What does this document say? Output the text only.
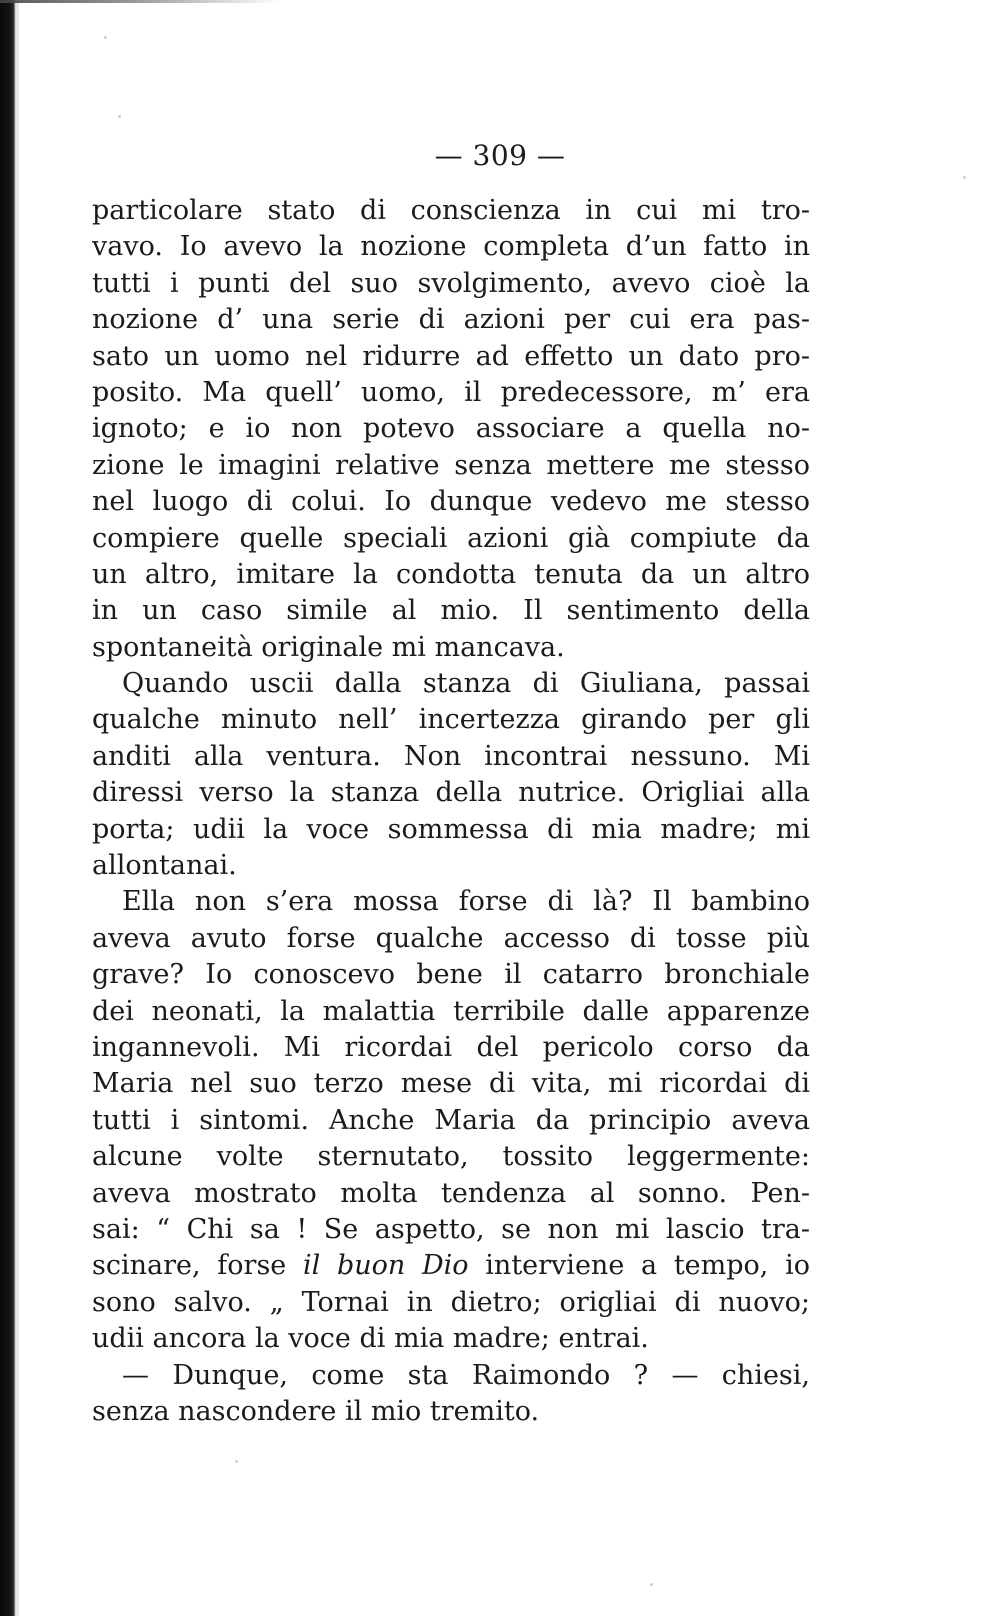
— 309 —
particolare stato di conscienza in cui mi tro-
vavo. Io avevo la nozione completa d’un fatto in
tutti i punti del suo svolgimento, avevo cioè la
nozione d’ una serie di azioni per cui era pas-
sato un uomo nel ridurre ad effetto un dato pro-
posito. Ma quell’ uomo, il predecessore, m’ era
ignoto; e io non potevo associare a quella no-
zione le imagini relative senza mettere me stesso
nel luogo di colui. Io dunque vedevo me stesso
compiere quelle speciali azioni già compiute da
un altro, imitare la condotta tenuta da un altro
in un caso simile al mio. Il sentimento della
spontaneità originale mi mancava.
Quando uscii dalla stanza di Giuliana, passai
qualche minuto nell’ incertezza girando per gli
anditi alla ventura. Non incontrai nessuno. Mi
diressi verso la stanza della nutrice. Origliai alla
porta; udii la voce sommessa di mia madre; mi
allontanai.
Ella non s’era mossa forse di là? Il bambino
aveva avuto forse qualche accesso di tosse più
grave? Io conoscevo bene il catarro bronchiale
dei neonati, la malattia terribile dalle apparenze
ingannevoli. Mi ricordai del pericolo corso da
Maria nel suo terzo mese di vita, mi ricordai di
tutti i sintomi. Anche Maria da principio aveva
alcune volte sternutato, tossito leggermente:
aveva mostrato molta tendenza al sonno. Pen-
sai: “ Chi sa ! Se aspetto, se non mi lascio tra-
scinare, forse il buon Dio interviene a tempo, io
sono salvo. „ Tornai in dietro; origliai di nuovo;
udii ancora la voce di mia madre; entrai.
— Dunque, come sta Raimondo ? — chiesi,
senza nascondere il mio tremito.
